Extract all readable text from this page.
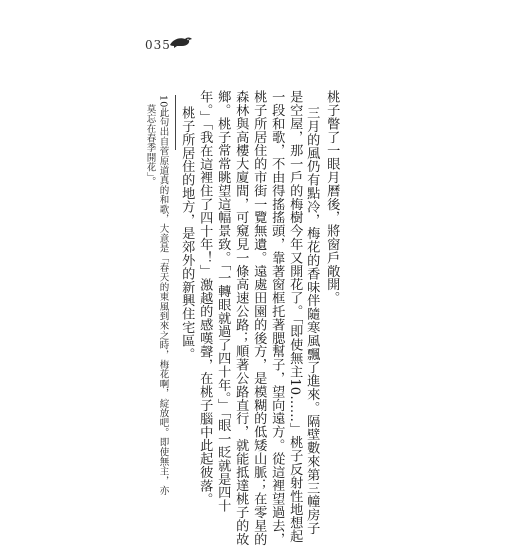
035
桃子瞥了一眼月曆後，將窗戶敞開。
三月的風仍有點冷，梅花的香味伴隨寒風飄了進來。隔壁數來第三幢房子
是空屋，那一戶的梅樹今年又開花了。「即使無主10……」桃子反射性地想起
一段和歌，不由得搖搖頭，靠著窗框托著腮幫子，望向遠方。從這裡望過去，
桃子所居住的市街一覽無遺。遠處田園的後方，是模糊的低矮山脈；在零星的
森林與高樓大廈間，可窺見一條高速公路；順著公路直行，就能抵達桃子的故
鄉。桃子常常眺望這幅景致。「一轉眼就過了四十年。」「眼一眨就是四十
年。」「我在這裡住了四十年！」激越的感嘆聲，在桃子腦中此起彼落。
桃子所居住的地方，是郊外的新興住宅區。
10此句出自菅原道真的和歌，大意是「春天的東風到來之時，梅花啊，綻放吧。即使無主，亦
莫忘在春季開花」。
